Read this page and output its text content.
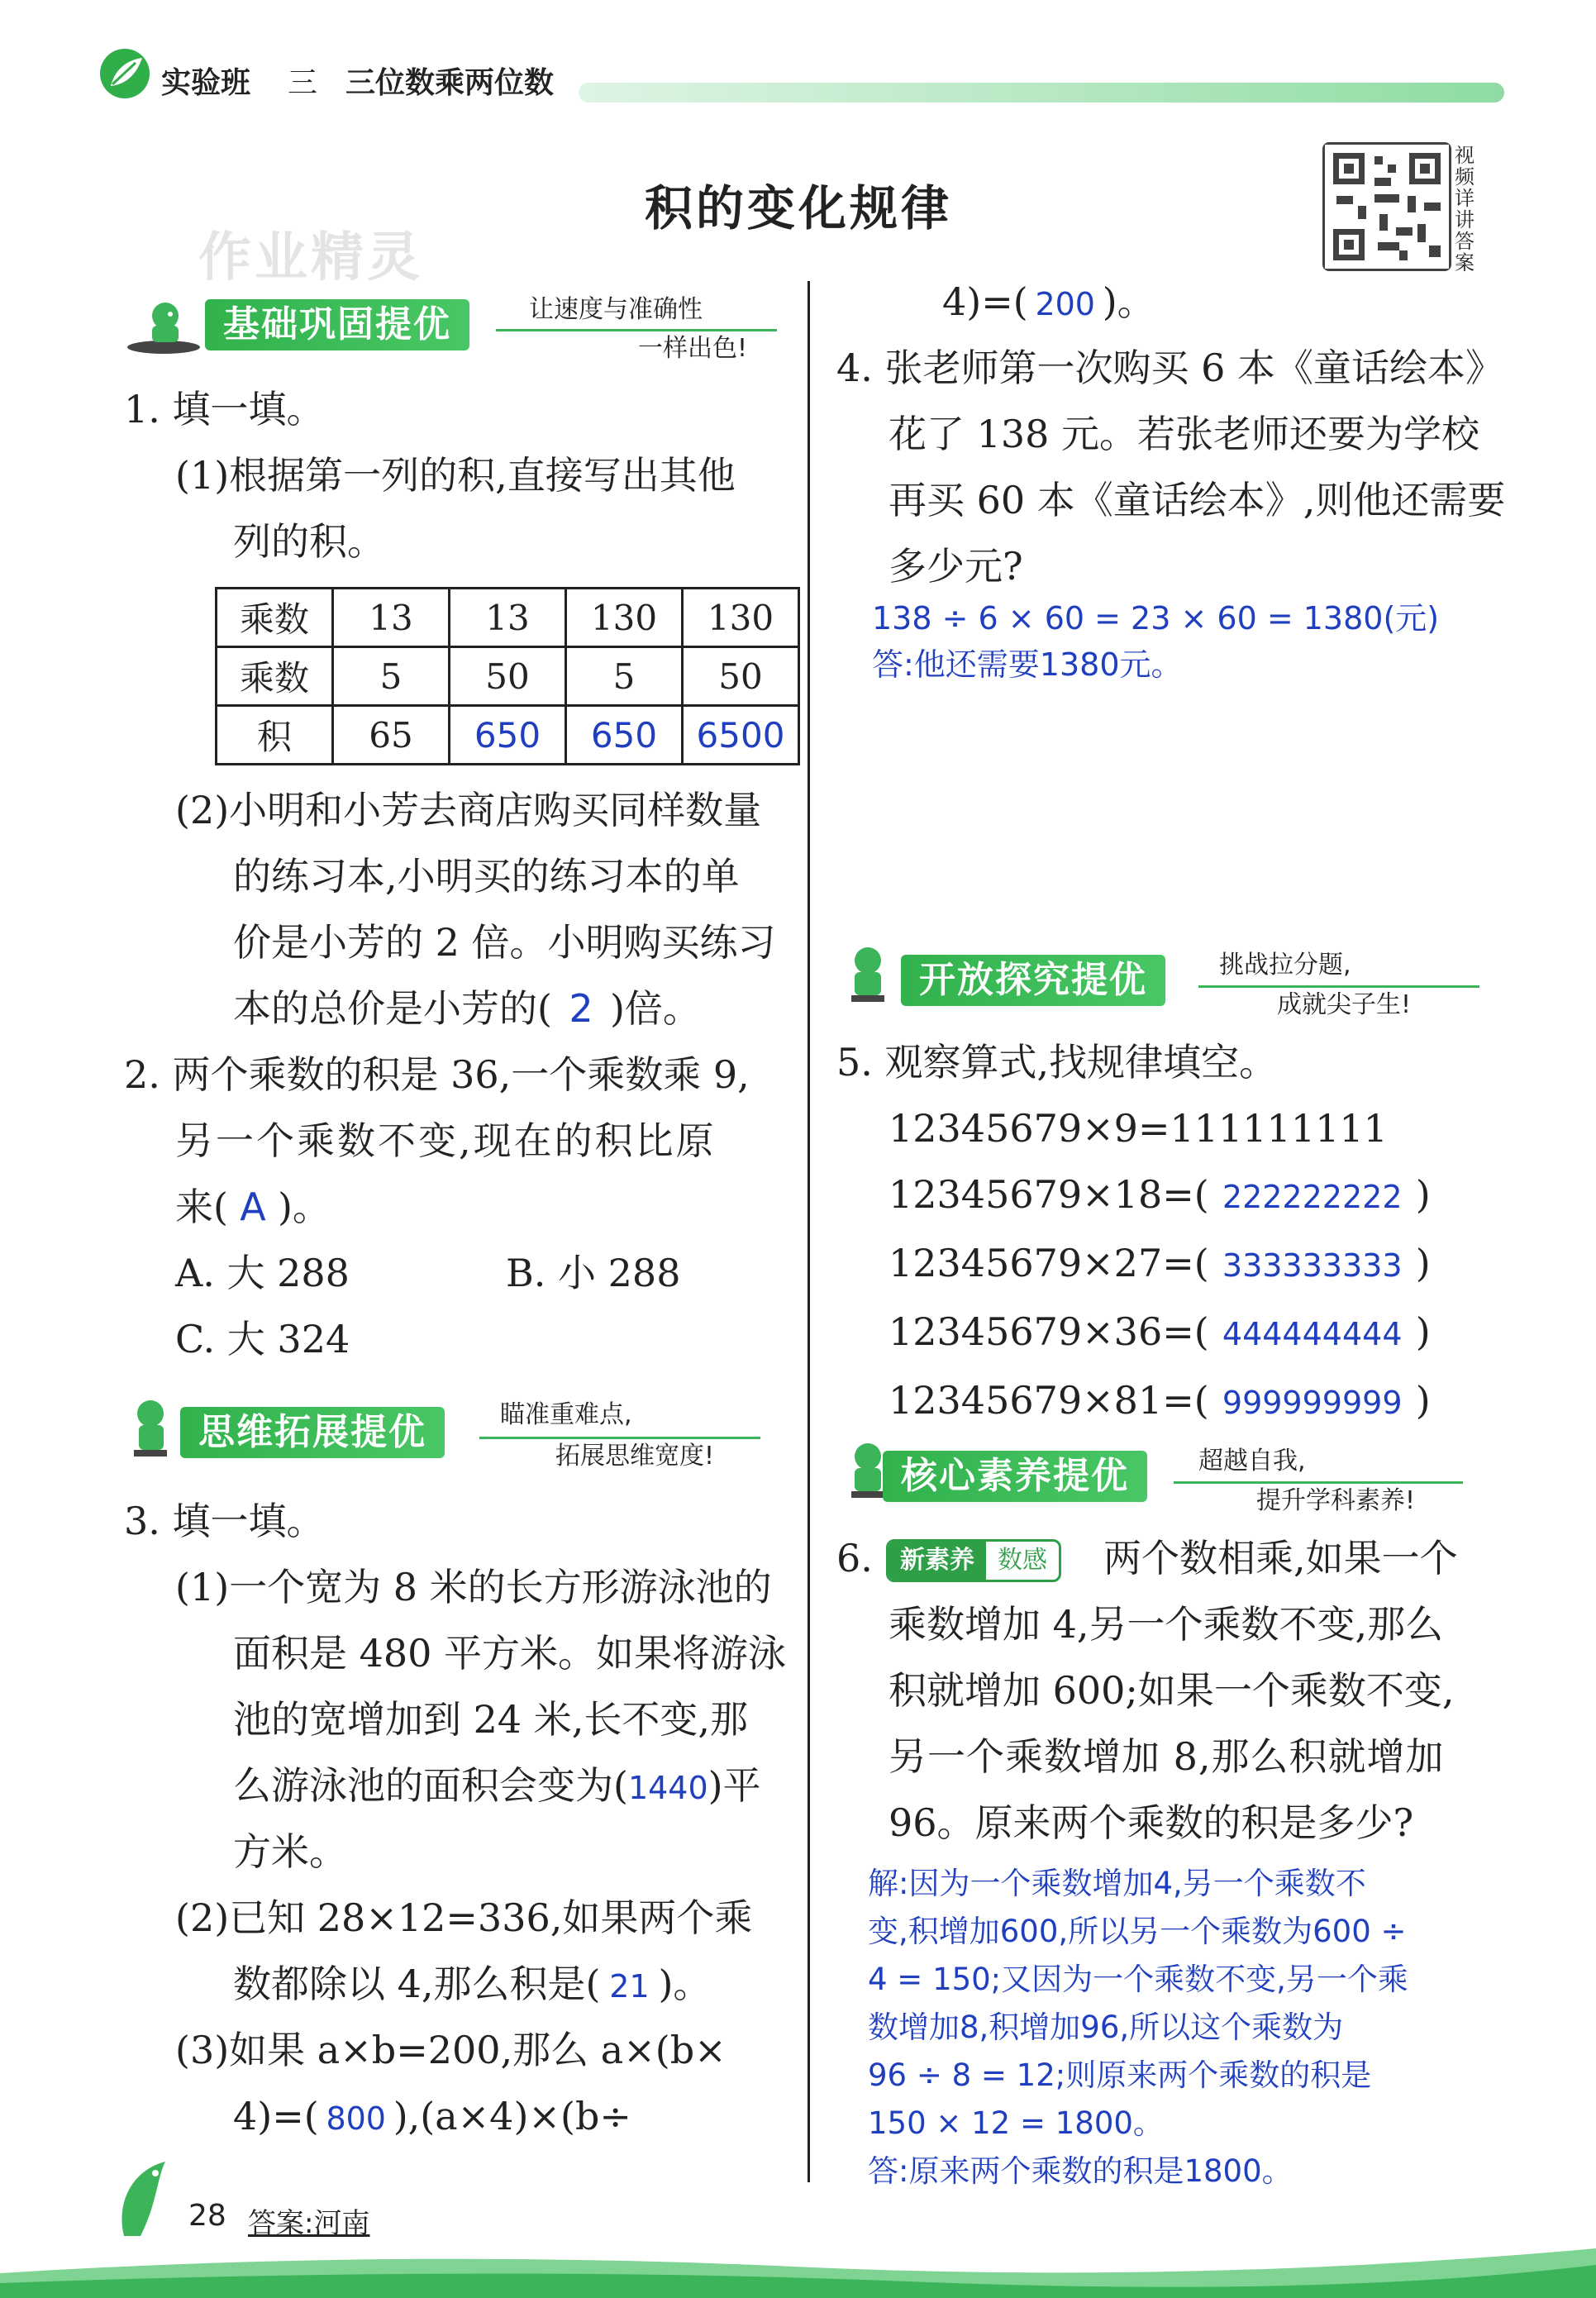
实验班 三 三位数乘两位数
积的变化规律
视频详讲答案
作业精灵
基础巩固提优	让速度与准确性
一样出色!
1. 填一填。
(1)根据第一列的积,直接写出其他
列的积。
乘数	13	13	130	130
乘数	5	50	5	50
积	65	650	650	6500
(2)小明和小芳去商店购买同样数量
的练习本,小明买的练习本的单
价是小芳的 2 倍。小明购买练习
本的总价是小芳的( 2 )倍。
2. 两个乘数的积是 36,一个乘数乘 9,
另一个乘数不变,现在的积比原
来( A )。
A. 大 288	B. 小 288
C. 大 324
思维拓展提优	瞄准重难点,
拓展思维宽度!
3. 填一填。
(1)一个宽为 8 米的长方形游泳池的
面积是 480 平方米。如果将游泳
池的宽增加到 24 米,长不变,那
么游泳池的面积会变为(1440)平
方米。
(2)已知 28×12=336,如果两个乘
数都除以 4,那么积是( 21 )。
(3)如果 a×b=200,那么 a×(b×
4)=( 800 ),(a×4)×(b÷
4)=( 200 )。
4. 张老师第一次购买 6 本《童话绘本》
花了 138 元。若张老师还要为学校
再买 60 本《童话绘本》,则他还需要
多少元?
138 ÷ 6 × 60 = 23 × 60 = 1380(元)
答:他还需要1380元。
开放探究提优	挑战拉分题,
成就尖子生!
5. 观察算式,找规律填空。
12345679×9=111111111
12345679×18=( 222222222 )
12345679×27=( 333333333 )
12345679×36=( 444444444 )
12345679×81=( 999999999 )
核心素养提优	超越自我,
提升学科素养!
6.	新素养 数感	两个数相乘,如果一个
乘数增加 4,另一个乘数不变,那么
积就增加 600;如果一个乘数不变,
另一个乘数增加 8,那么积就增加
96。原来两个乘数的积是多少?
解:因为一个乘数增加4,另一个乘数不
变,积增加600,所以另一个乘数为600 ÷
4 = 150;又因为一个乘数不变,另一个乘
数增加8,积增加96,所以这个乘数为
96 ÷ 8 = 12;则原来两个乘数的积是
150 × 12 = 1800。
答:原来两个乘数的积是1800。
28 答案:河南
